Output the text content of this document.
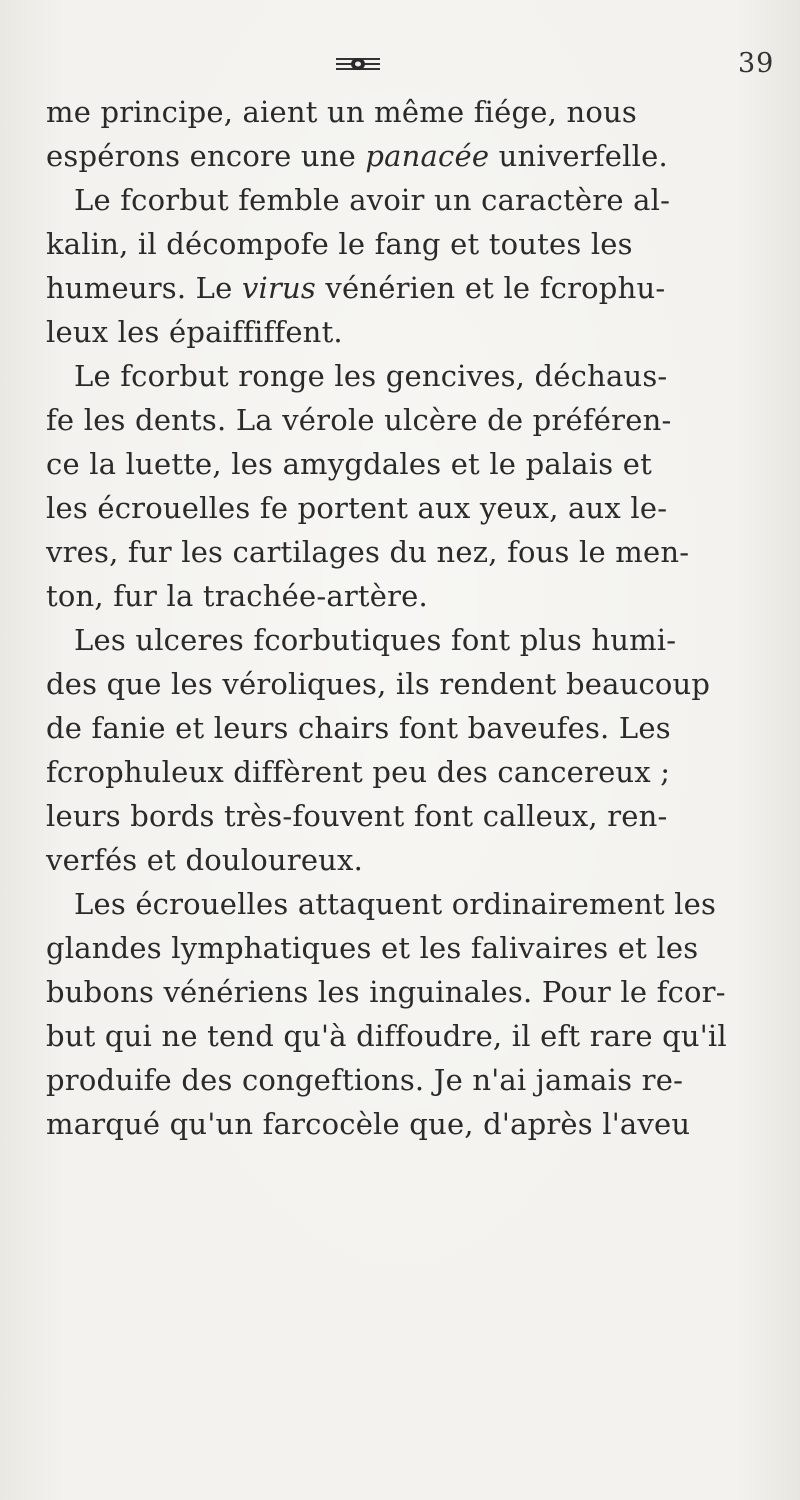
39
me principe, aient un même fiége, nous
espérons encore une panacée univerfelle.
Le fcorbut femble avoir un caractère al-
kalin, il décompofe le fang et toutes les
humeurs. Le virus vénérien et le fcrophu-
leux les épaiffiffent.
Le fcorbut ronge les gencives, déchaus-
fe les dents. La vérole ulcère de préféren-
ce la luette, les amygdales et le palais et
les écrouelles fe portent aux yeux, aux le-
vres, fur les cartilages du nez, fous le men-
ton, fur la trachée-artère.
Les ulceres fcorbutiques font plus humi-
des que les véroliques, ils rendent beaucoup
de fanie et leurs chairs font baveufes. Les
fcrophuleux diffèrent peu des cancereux ;
leurs bords très-fouvent font calleux, ren-
verfés et douloureux.
Les écrouelles attaquent ordinairement les
glandes lymphatiques et les falivaires et les
bubons vénériens les inguinales. Pour le fcor-
but qui ne tend qu'à diffoudre, il eft rare qu'il
produife des congeftions. Je n'ai jamais re-
marqué qu'un farcocèle que, d'après l'aveu
